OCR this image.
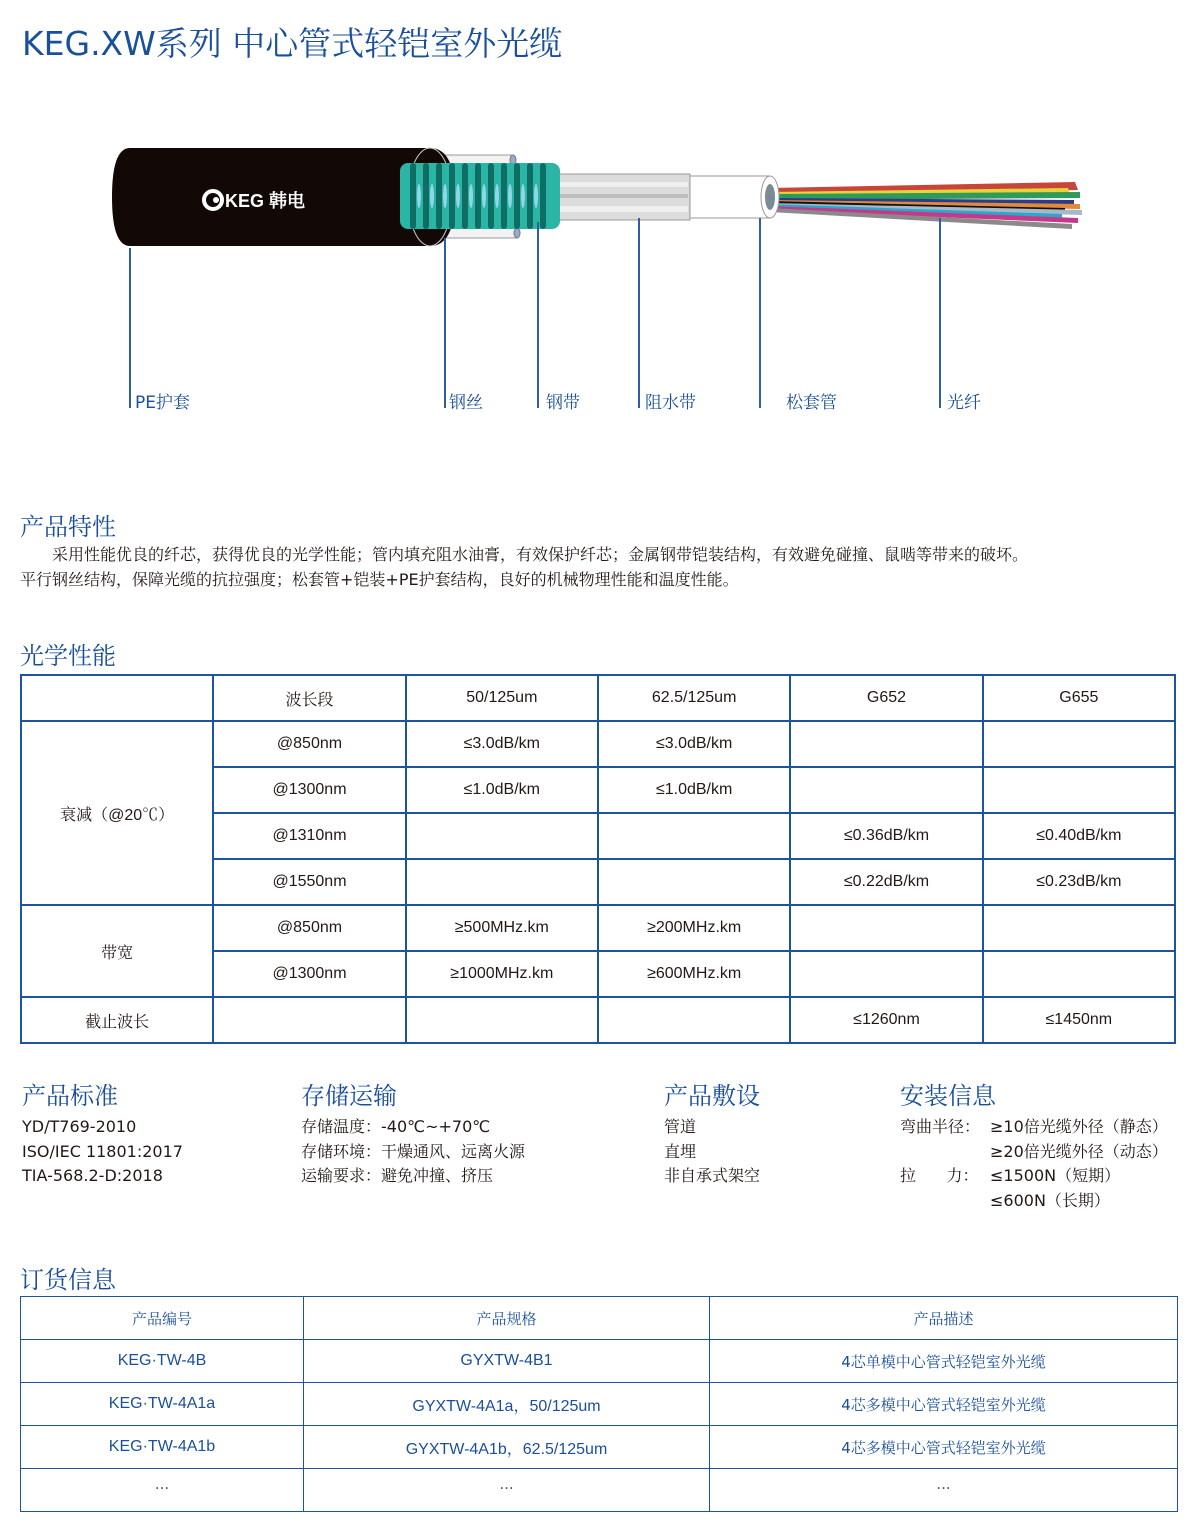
KEG.XW系列 中心管式轻铠室外光缆
KEG 韩电
PE护套	钢丝	钢带	阻水带	松套管	光纤
产品特性
采用性能优良的纤芯，获得优良的光学性能；管内填充阻水油膏，有效保护纤芯；金属钢带铠装结构，有效避免碰撞、鼠啮等带来的破坏。
平行钢丝结构，保障光缆的抗拉强度；松套管+铠装+PE护套结构，良好的机械物理性能和温度性能。
光学性能
	波长段	50/125um	62.5/125um	G652	G655
衰减（@20℃）	@850nm	≤3.0dB/km	≤3.0dB/km		
	@1300nm	≤1.0dB/km	≤1.0dB/km		
	@1310nm			≤0.36dB/km	≤0.40dB/km
	@1550nm			≤0.22dB/km	≤0.23dB/km
带宽	@850nm	≥500MHz.km	≥200MHz.km		
	@1300nm	≥1000MHz.km	≥600MHz.km		
截止波长				≤1260nm	≤1450nm
产品标准
YD/T769-2010
ISO/IEC 11801:2017
TIA-568.2-D:2018
存储运输
存储温度：-40℃~+70℃
存储环境：干燥通风、远离火源
运输要求：避免冲撞、挤压
产品敷设
管道
直埋
非自承式架空
安装信息
弯曲半径： ≥10倍光缆外径（静态）
≥20倍光缆外径（动态）
拉      力： ≤1500N（短期）
≤600N（长期）
订货信息
产品编号	产品规格	产品描述
KEG·TW-4B	GYXTW-4B1	4芯单模中心管式轻铠室外光缆
KEG·TW-4A1a	GYXTW-4A1a，50/125um	4芯多模中心管式轻铠室外光缆
KEG·TW-4A1b	GYXTW-4A1b，62.5/125um	4芯多模中心管式轻铠室外光缆
...	...	...
